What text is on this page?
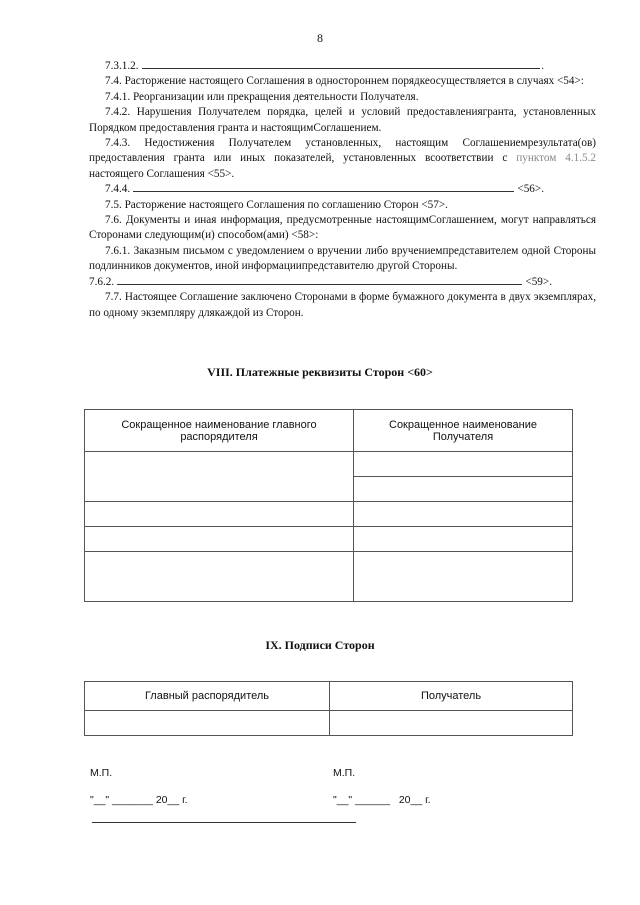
8
7.3.1.2.	.

7.4. Расторжение настоящего Соглашения в одностороннем порядкеосуществляется в случаях <54>:

7.4.1. Реорганизации или прекращения деятельности Получателя.

7.4.2. Нарушения Получателем порядка, целей и условий предоставлениягранта, установленных Порядком предоставления гранта и настоящимСоглашением.

7.4.3. Недостижения Получателем установленных, настоящим Соглашениемрезультата(ов) предоставления гранта или иных показателей, установленных всоответствии с пунктом 4.1.5.2 настоящего Соглашения <55>.

7.4.4.	<56>.

7.5. Расторжение настоящего Соглашения по соглашению Сторон <57>.

7.6. Документы и иная информация, предусмотренные настоящимСоглашением, могут направляться Сторонами следующим(и) способом(ами) <58>:

7.6.1. Заказным письмом с уведомлением о вручении либо вручениемпредставителем одной Стороны подлинников документов, иной информациипредставителю другой Стороны.

7.6.2.	<59>.

7.7. Настоящее Соглашение заключено Сторонами в форме бумажного документа в двух экземплярах, по одному экземпляру длякаждой из Сторон.

VIII. Платежные реквизиты Сторон <60>
Сокращенное наименование главного распорядителя	Сокращенное наименование Получателя

IX. Подписи Сторон
Главный распорядитель	Получатель

М.П.	М.П.
"__" _______ 20__ г.	"__" ______   20__ г.
